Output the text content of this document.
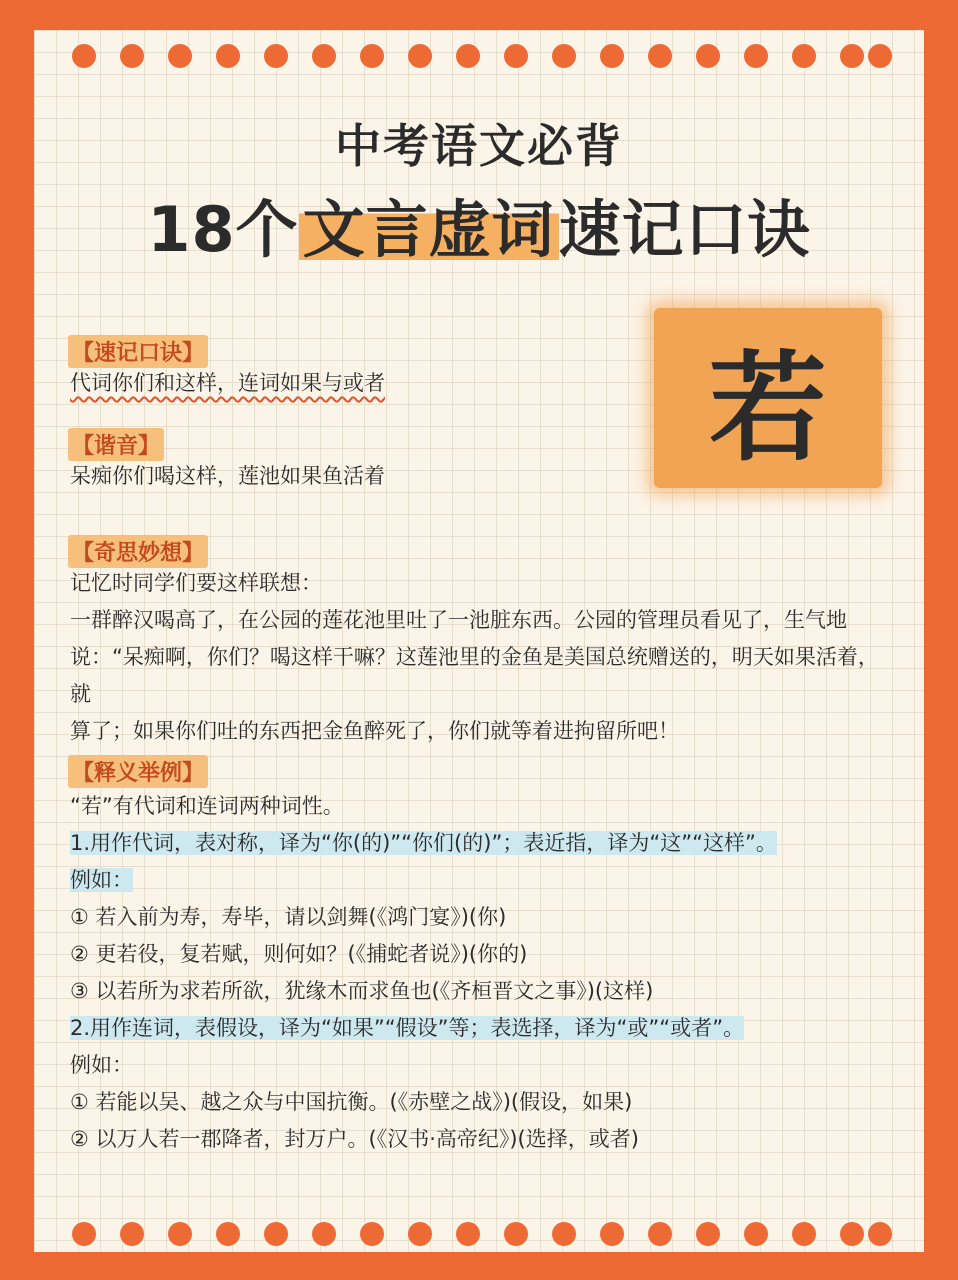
中考语文必背
18个文言虚词速记口诀
若
【速记口诀】
代词你们和这样，连词如果与或者
【谐音】
呆痴你们喝这样，莲池如果鱼活着
【奇思妙想】

记忆时同学们要这样联想：

一群醉汉喝高了，在公园的莲花池里吐了一池脏东西。公园的管理员看见了，生气地

说：“呆痴啊，你们？喝这样干嘛？这莲池里的金鱼是美国总统赠送的，明天如果活着，就

算了；如果你们吐的东西把金鱼醉死了，你们就等着进拘留所吧！

【释义举例】

“若”有代词和连词两种词性。

1.用作代词，表对称，译为“你(的)”“你们(的)”；表近指，译为“这”“这样”。

例如：

① 若入前为寿，寿毕，请以剑舞(《鸿门宴》)(你)

② 更若役，复若赋，则何如？(《捕蛇者说》)(你的)

③ 以若所为求若所欲，犹缘木而求鱼也(《齐桓晋文之事》)(这样)

2.用作连词，表假设，译为“如果”“假设”等；表选择，译为“或”“或者”。

例如：

① 若能以吴、越之众与中国抗衡。(《赤壁之战》)(假设，如果)

② 以万人若一郡降者，封万户。(《汉书·高帝纪》)(选择，或者)
